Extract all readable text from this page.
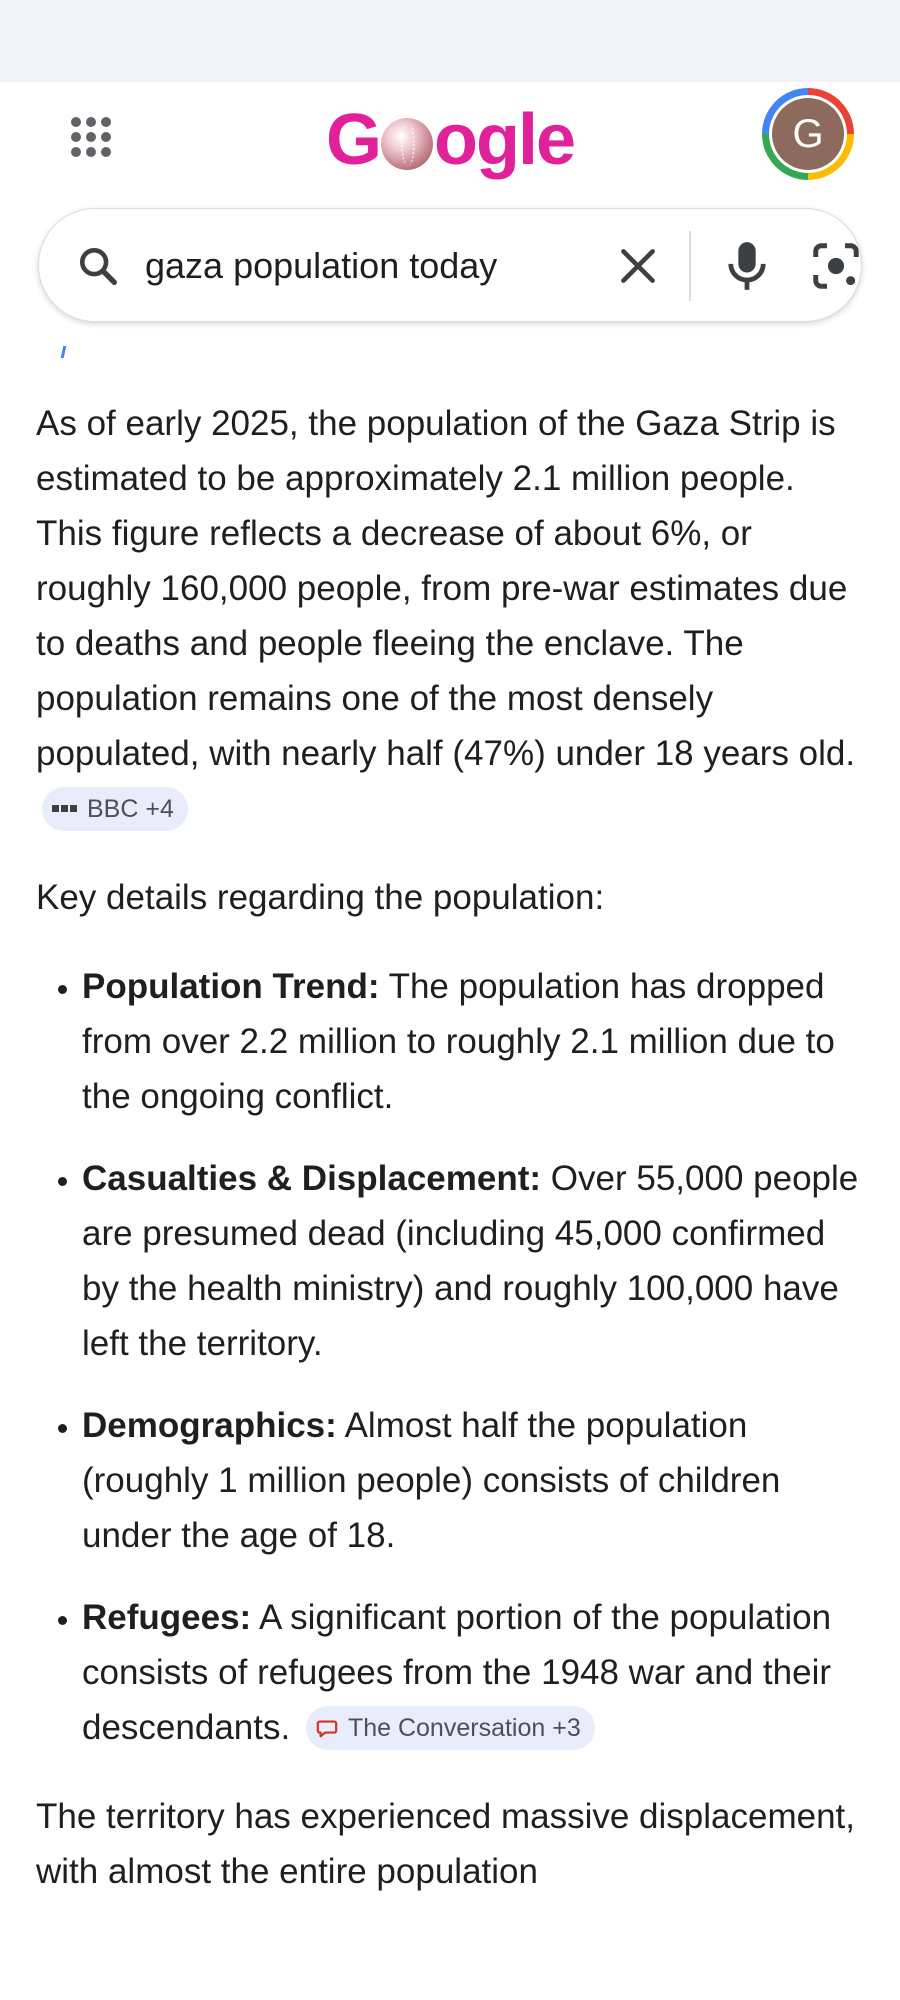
G ogle	G
gaza population today

As of early 2025, the population of the Gaza Strip is estimated to be approximately 2.1 million people. This figure reflects a decrease of about 6%, or roughly 160,000 people, from pre-war estimates due to deaths and people fleeing the enclave. The population remains one of the most densely populated, with nearly half (47%) under 18 years old.
BBC +4

Key details regarding the population:

• Population Trend: The population has dropped from over 2.2 million to roughly 2.1 million due to the ongoing conflict.
• Casualties & Displacement: Over 55,000 people are presumed dead (including 45,000 confirmed by the health ministry) and roughly 100,000 have left the territory.
• Demographics: Almost half the population (roughly 1 million people) consists of children under the age of 18.
• Refugees: A significant portion of the population consists of refugees from the 1948 war and their descendants. The Conversation +3

The territory has experienced massive displacement, with almost the entire population
